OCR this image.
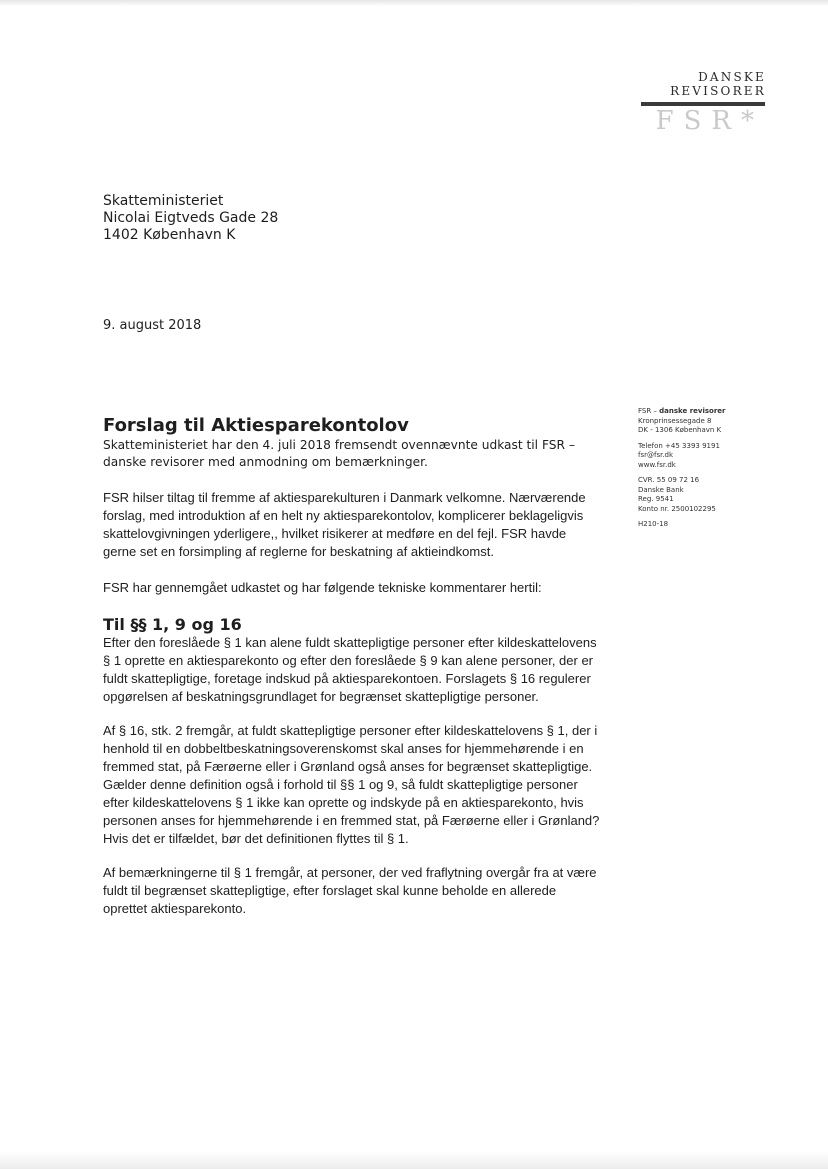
DANSKE
REVISORER
FSR*
Skatteministeriet
Nicolai Eigtveds Gade 28
1402 København K
9. august 2018
FSR – danske revisorer
Kronprinsessegade 8
DK - 1306 København K
Telefon +45 3393 9191
fsr@fsr.dk
www.fsr.dk
CVR. 55 09 72 16
Danske Bank
Reg. 9541
Konto nr. 2500102295
H210-18
Forslag til Aktiesparekontolov

Skatteministeriet har den 4. juli 2018 fremsendt ovennævnte udkast til FSR – danske revisorer med anmodning om bemærkninger.

FSR hilser tiltag til fremme af aktiesparekulturen i Danmark velkomne. Nærværende forslag, med introduktion af en helt ny aktiesparekontolov, komplicerer beklageligvis skattelovgivningen yderligere,, hvilket risikerer at medføre en del fejl. FSR havde gerne set en forsimpling af reglerne for beskatning af aktieindkomst.

FSR har gennemgået udkastet og har følgende tekniske kommentarer hertil:

Til §§ 1, 9 og 16

Efter den foreslåede § 1 kan alene fuldt skattepligtige personer efter kildeskattelovens § 1 oprette en aktiesparekonto og efter den foreslåede § 9 kan alene personer, der er fuldt skattepligtige, foretage indskud på aktiesparekontoen. Forslagets § 16 regulerer opgørelsen af beskatningsgrundlaget for begrænset skattepligtige personer.

Af § 16, stk. 2 fremgår, at fuldt skattepligtige personer efter kildeskattelovens § 1, der i henhold til en dobbeltbeskatningsoverenskomst skal anses for hjemmehørende i en fremmed stat, på Færøerne eller i Grønland også anses for begrænset skattepligtige. Gælder denne definition også i forhold til §§ 1 og 9, så fuldt skattepligtige personer efter kildeskattelovens § 1 ikke kan oprette og indskyde på en aktiesparekonto, hvis personen anses for hjemmehørende i en fremmed stat, på Færøerne eller i Grønland? Hvis det er tilfældet, bør det definitionen flyttes til § 1.

Af bemærkningerne til § 1 fremgår, at personer, der ved fraflytning overgår fra at være fuldt til begrænset skattepligtige, efter forslaget skal kunne beholde en allerede oprettet aktiesparekonto.
